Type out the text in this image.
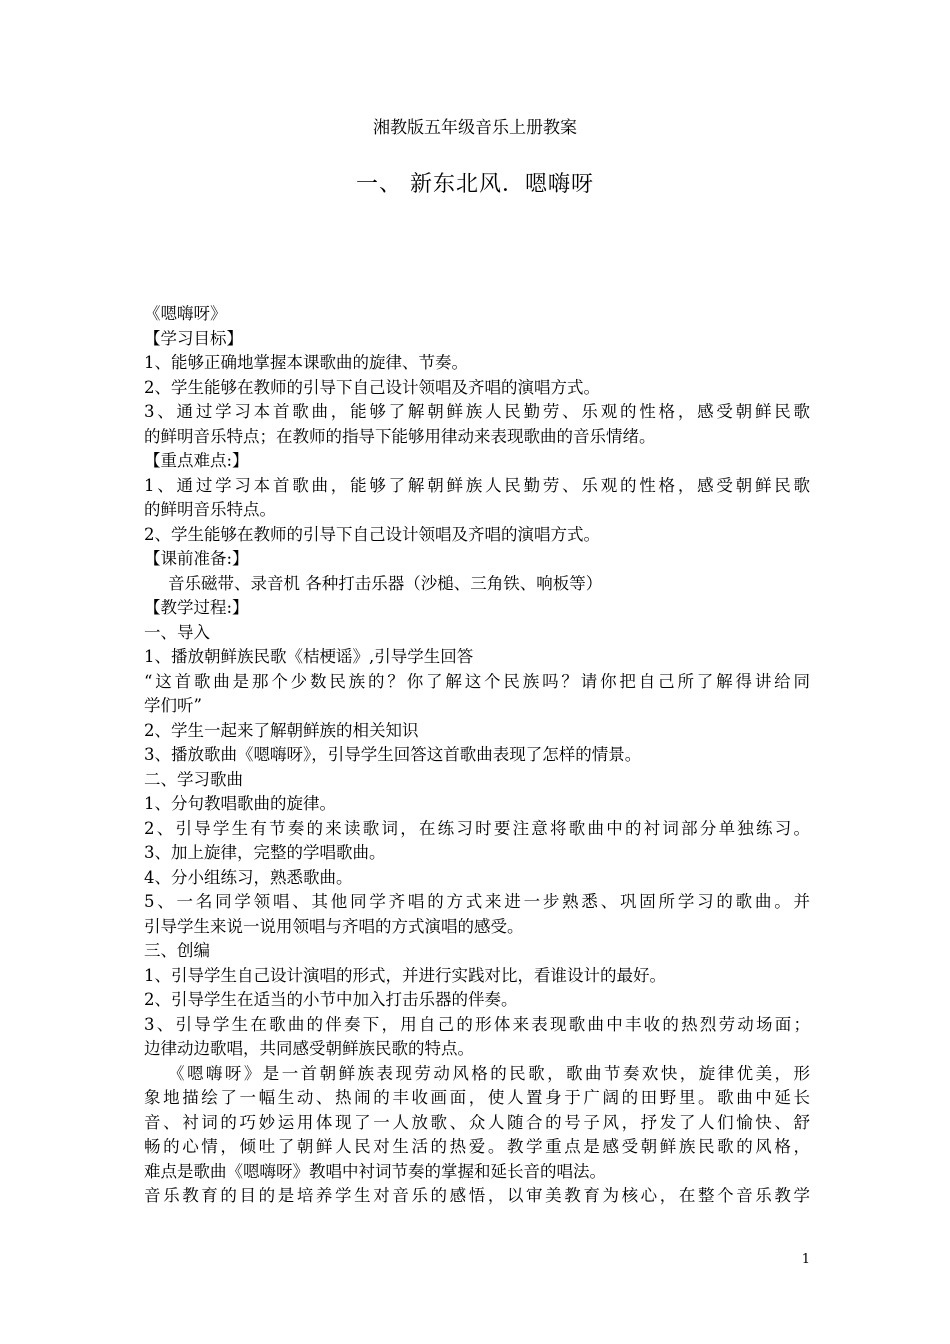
湘教版五年级音乐上册教案
一、 新东北风．嗯嗨呀
《嗯嗨呀》
【学习目标】
1、能够正确地掌握本课歌曲的旋律、节奏。
2、学生能够在教师的引导下自己设计领唱及齐唱的演唱方式。
3、通过学习本首歌曲，能够了解朝鲜族人民勤劳、乐观的性格，感受朝鲜民歌
的鲜明音乐特点；在教师的指导下能够用律动来表现歌曲的音乐情绪。
【重点难点:】
1、通过学习本首歌曲，能够了解朝鲜族人民勤劳、乐观的性格，感受朝鲜民歌
的鲜明音乐特点。
2、学生能够在教师的引导下自己设计领唱及齐唱的演唱方式。
【课前准备:】
音乐磁带、录音机 各种打击乐器（沙槌、三角铁、响板等）
【教学过程:】
一、导入
1、播放朝鲜族民歌《桔梗谣》,引导学生回答
“这首歌曲是那个少数民族的？你了解这个民族吗？请你把自己所了解得讲给同
学们听”
2、学生一起来了解朝鲜族的相关知识
3、播放歌曲《嗯嗨呀》，引导学生回答这首歌曲表现了怎样的情景。
二、学习歌曲
1、分句教唱歌曲的旋律。
2、引导学生有节奏的来读歌词，在练习时要注意将歌曲中的衬词部分单独练习。
3、加上旋律，完整的学唱歌曲。
4、分小组练习，熟悉歌曲。
5、一名同学领唱、其他同学齐唱的方式来进一步熟悉、巩固所学习的歌曲。并
引导学生来说一说用领唱与齐唱的方式演唱的感受。
三、创编
1、引导学生自己设计演唱的形式，并进行实践对比，看谁设计的最好。
2、引导学生在适当的小节中加入打击乐器的伴奏。
3、引导学生在歌曲的伴奏下，用自己的形体来表现歌曲中丰收的热烈劳动场面；
边律动边歌唱，共同感受朝鲜族民歌的特点。
《嗯嗨呀》是一首朝鲜族表现劳动风格的民歌，歌曲节奏欢快，旋律优美，形
象地描绘了一幅生动、热闹的丰收画面，使人置身于广阔的田野里。歌曲中延长
音、衬词的巧妙运用体现了一人放歌、众人随合的号子风，抒发了人们愉快、舒
畅的心情，倾吐了朝鲜人民对生活的热爱。教学重点是感受朝鲜族民歌的风格，
难点是歌曲《嗯嗨呀》教唱中衬词节奏的掌握和延长音的唱法。
音乐教育的目的是培养学生对音乐的感悟，以审美教育为核心，在整个音乐教学
1
